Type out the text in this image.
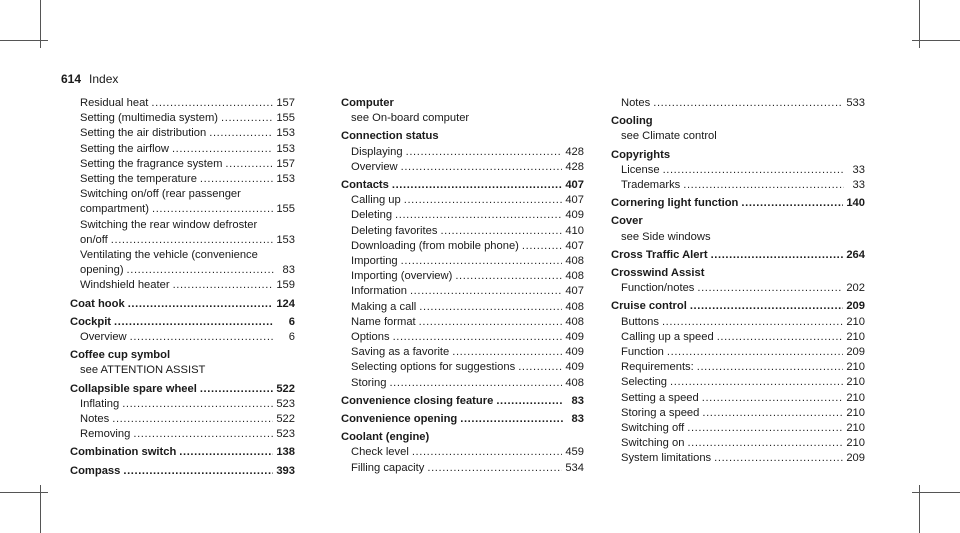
614 Index
Residual heat .....	157
Setting (multimedia system) .....	155
Setting the air distribution .....	153
Setting the airflow .....	153
Setting the fragrance system .....	157
Setting the temperature .....	153
Switching on/off (rear passenger
compartment) .....	155
Switching the rear window defroster
on/off .....	153
Ventilating the vehicle (convenience
opening) .....	83
Windshield heater .....	159
Coat hook .....	124
Cockpit .....	6
Overview .....	6
Coffee cup symbol
see ATTENTION ASSIST
Collapsible spare wheel .....	522
Inflating .....	523
Notes .....	522
Removing .....	523
Combination switch .....	138
Compass .....	393
Computer
see On-board computer
Connection status
Displaying .....	428
Overview .....	428
Contacts .....	407
Calling up .....	407
Deleting .....	409
Deleting favorites .....	410
Downloading (from mobile phone) .....	407
Importing .....	408
Importing (overview) .....	408
Information .....	407
Making a call .....	408
Name format .....	408
Options .....	409
Saving as a favorite .....	409
Selecting options for suggestions .....	409
Storing .....	408
Convenience closing feature .....	83
Convenience opening .....	83
Coolant (engine)
Check level .....	459
Filling capacity .....	534
Notes .....	533
Cooling
see Climate control
Copyrights
License .....	33
Trademarks .....	33
Cornering light function .....	140
Cover
see Side windows
Cross Traffic Alert .....	264
Crosswind Assist
Function/notes .....	202
Cruise control .....	209
Buttons .....	210
Calling up a speed .....	210
Function .....	209
Requirements: .....	210
Selecting .....	210
Setting a speed .....	210
Storing a speed .....	210
Switching off .....	210
Switching on .....	210
System limitations .....	209
